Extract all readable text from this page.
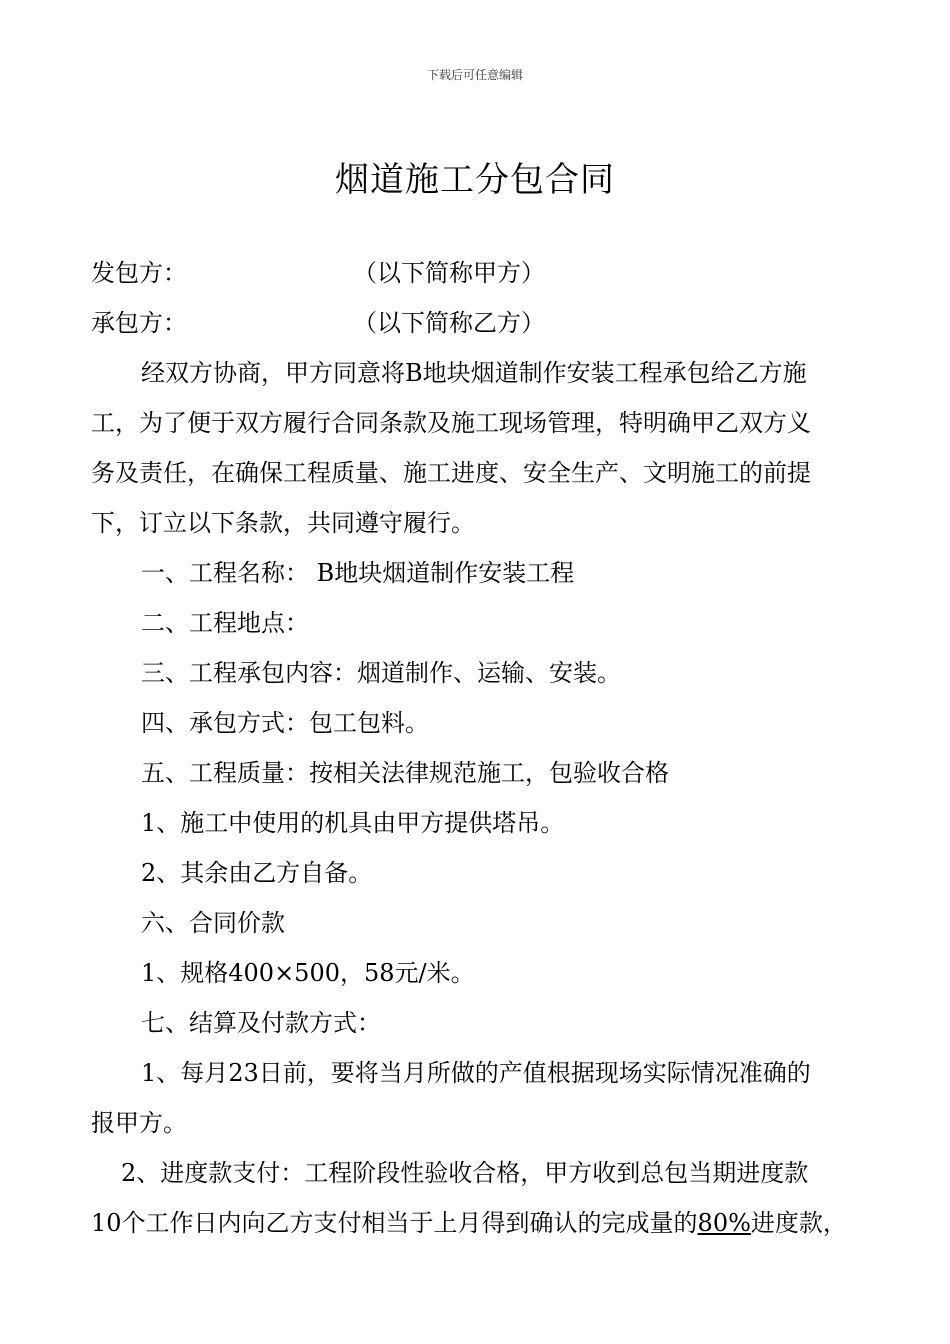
下载后可任意编辑
烟道施工分包合同
发包方：	（以下简称甲方）
承包方：	（以下简称乙方）
经双方协商，甲方同意将B地块烟道制作安装工程承包给乙方施
工，为了便于双方履行合同条款及施工现场管理，特明确甲乙双方义
务及责任，在确保工程质量、施工进度、安全生产、文明施工的前提
下，订立以下条款，共同遵守履行。
一、工程名称： B地块烟道制作安装工程
二、工程地点：
三、工程承包内容：烟道制作、运输、安装。
四、承包方式：包工包料。
五、工程质量：按相关法律规范施工，包验收合格
1、施工中使用的机具由甲方提供塔吊。
2、其余由乙方自备。
六、合同价款
1、规格400×500，58元/米。
七、结算及付款方式：
1、每月23日前，要将当月所做的产值根据现场实际情况准确的
报甲方。
2、进度款支付：工程阶段性验收合格，甲方收到总包当期进度款
10个工作日内向乙方支付相当于上月得到确认的完成量的80%进度款，
